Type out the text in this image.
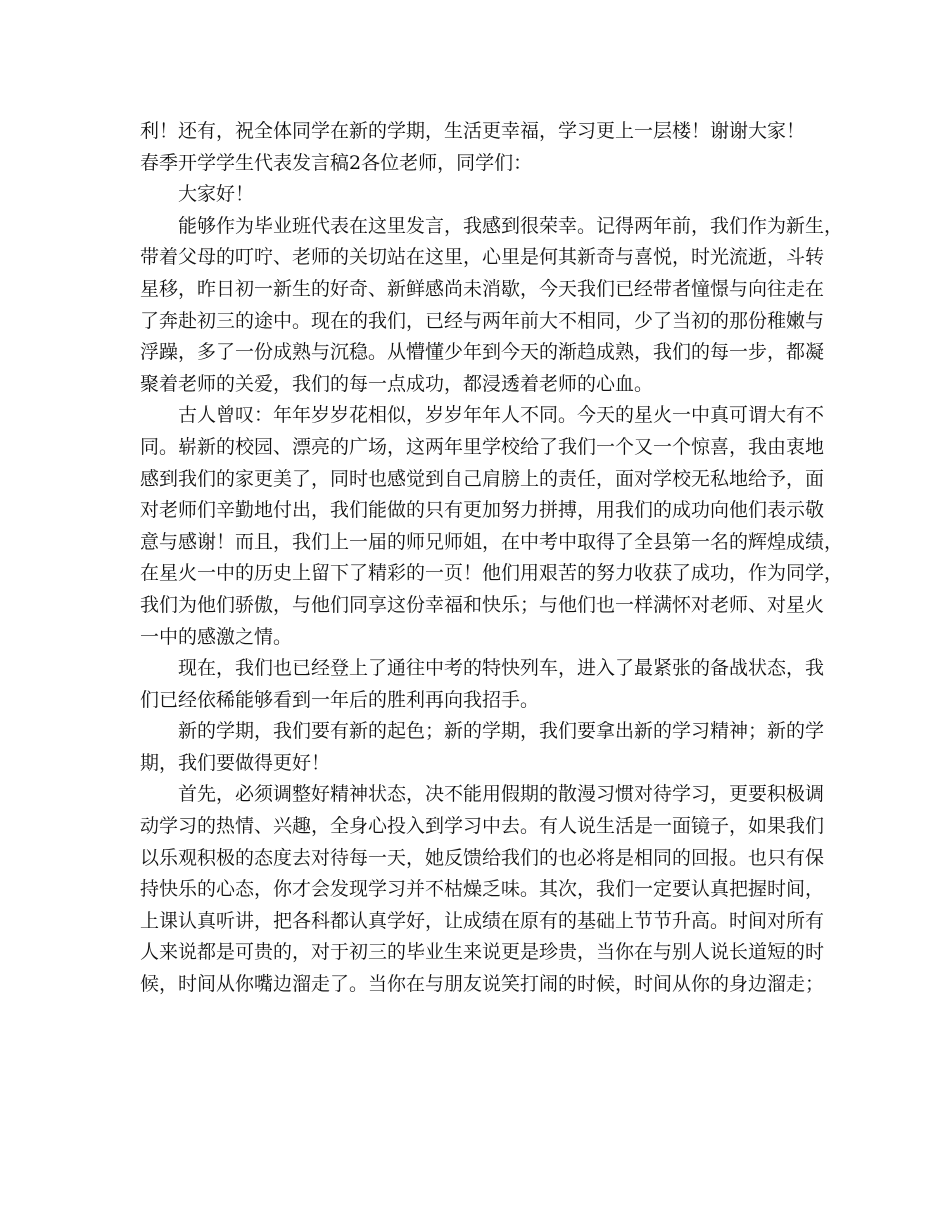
利！还有，祝全体同学在新的学期，生活更幸福，学习更上一层楼！谢谢大家！
春季开学学生代表发言稿2各位老师，同学们：
大家好！
能够作为毕业班代表在这里发言，我感到很荣幸。记得两年前，我们作为新生，
带着父母的叮咛、老师的关切站在这里，心里是何其新奇与喜悦，时光流逝，斗转
星移，昨日初一新生的好奇、新鲜感尚未消歇，今天我们已经带者憧憬与向往走在
了奔赴初三的途中。现在的我们，已经与两年前大不相同，少了当初的那份稚嫩与
浮躁，多了一份成熟与沉稳。从懵懂少年到今天的渐趋成熟，我们的每一步，都凝
聚着老师的关爱，我们的每一点成功，都浸透着老师的心血。
古人曾叹：年年岁岁花相似，岁岁年年人不同。今天的星火一中真可谓大有不
同。崭新的校园、漂亮的广场，这两年里学校给了我们一个又一个惊喜，我由衷地
感到我们的家更美了，同时也感觉到自己肩膀上的责任，面对学校无私地给予，面
对老师们辛勤地付出，我们能做的只有更加努力拼搏，用我们的成功向他们表示敬
意与感谢！而且，我们上一届的师兄师姐，在中考中取得了全县第一名的辉煌成绩，
在星火一中的历史上留下了精彩的一页！他们用艰苦的努力收获了成功，作为同学，
我们为他们骄傲，与他们同享这份幸福和快乐；与他们也一样满怀对老师、对星火
一中的感激之情。
现在，我们也已经登上了通往中考的特快列车，进入了最紧张的备战状态，我
们已经依稀能够看到一年后的胜利再向我招手。
新的学期，我们要有新的起色；新的学期，我们要拿出新的学习精神；新的学
期，我们要做得更好！
首先，必须调整好精神状态，决不能用假期的散漫习惯对待学习，更要积极调
动学习的热情、兴趣，全身心投入到学习中去。有人说生活是一面镜子，如果我们
以乐观积极的态度去对待每一天，她反馈给我们的也必将是相同的回报。也只有保
持快乐的心态，你才会发现学习并不枯燥乏味。其次，我们一定要认真把握时间，
上课认真听讲，把各科都认真学好，让成绩在原有的基础上节节升高。时间对所有
人来说都是可贵的，对于初三的毕业生来说更是珍贵，当你在与别人说长道短的时
候，时间从你嘴边溜走了。当你在与朋友说笑打闹的时候，时间从你的身边溜走；
